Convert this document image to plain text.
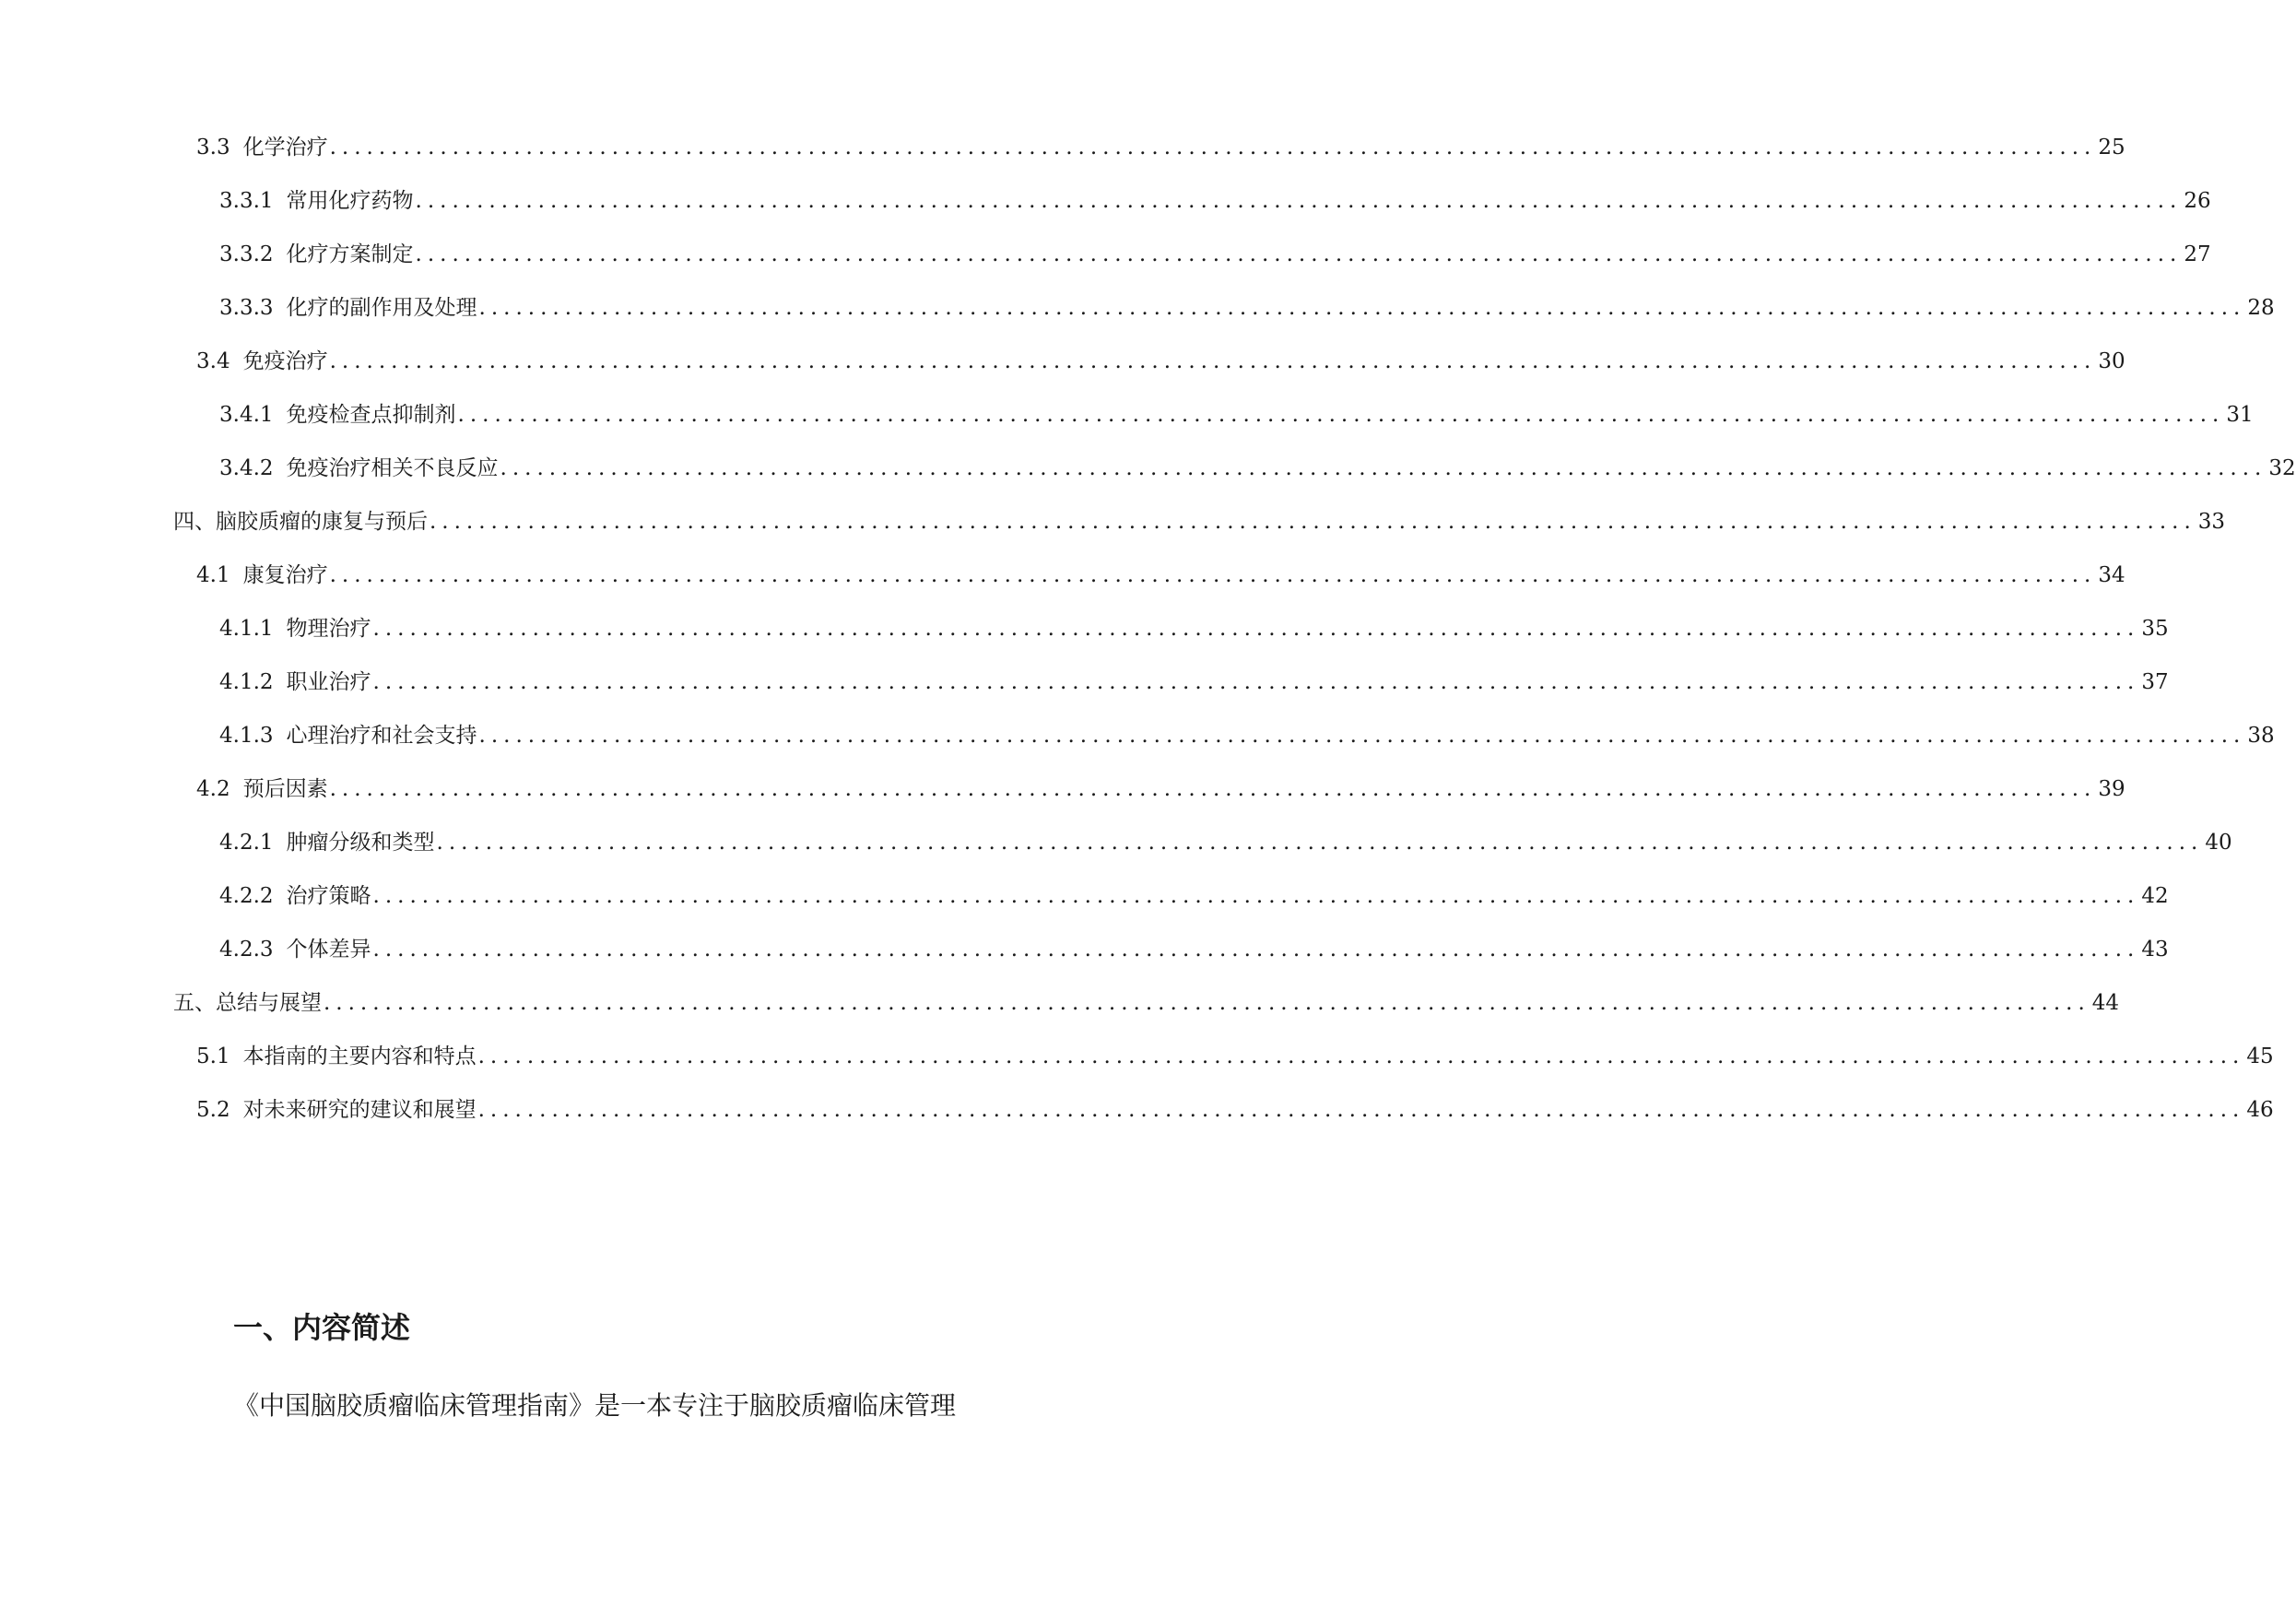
3.3 化学治疗 ................................................................................................................................................ 25
3.3.1 常用化疗药物 ................................................................................................................................................ 26
3.3.2 化疗方案制定 ................................................................................................................................................ 27
3.3.3 化疗的副作用及处理 ................................................................................................................................................ 28
3.4 免疫治疗 ................................................................................................................................................ 30
3.4.1 免疫检查点抑制剂 ................................................................................................................................................ 31
3.4.2 免疫治疗相关不良反应 ................................................................................................................................................ 32
四、脑胶质瘤的康复与预后 ................................................................................................................................................ 33
4.1 康复治疗 ................................................................................................................................................ 34
4.1.1 物理治疗 ................................................................................................................................................ 35
4.1.2 职业治疗 ................................................................................................................................................ 37
4.1.3 心理治疗和社会支持 ................................................................................................................................................ 38
4.2 预后因素 ................................................................................................................................................ 39
4.2.1 肿瘤分级和类型 ................................................................................................................................................ 40
4.2.2 治疗策略 ................................................................................................................................................ 42
4.2.3 个体差异 ................................................................................................................................................ 43
五、总结与展望 ................................................................................................................................................ 44
5.1 本指南的主要内容和特点 ................................................................................................................................................ 45
5.2 对未来研究的建议和展望 ................................................................................................................................................ 46
一、内容简述
《中国脑胶质瘤临床管理指南》是一本专注于脑胶质瘤临床管理
